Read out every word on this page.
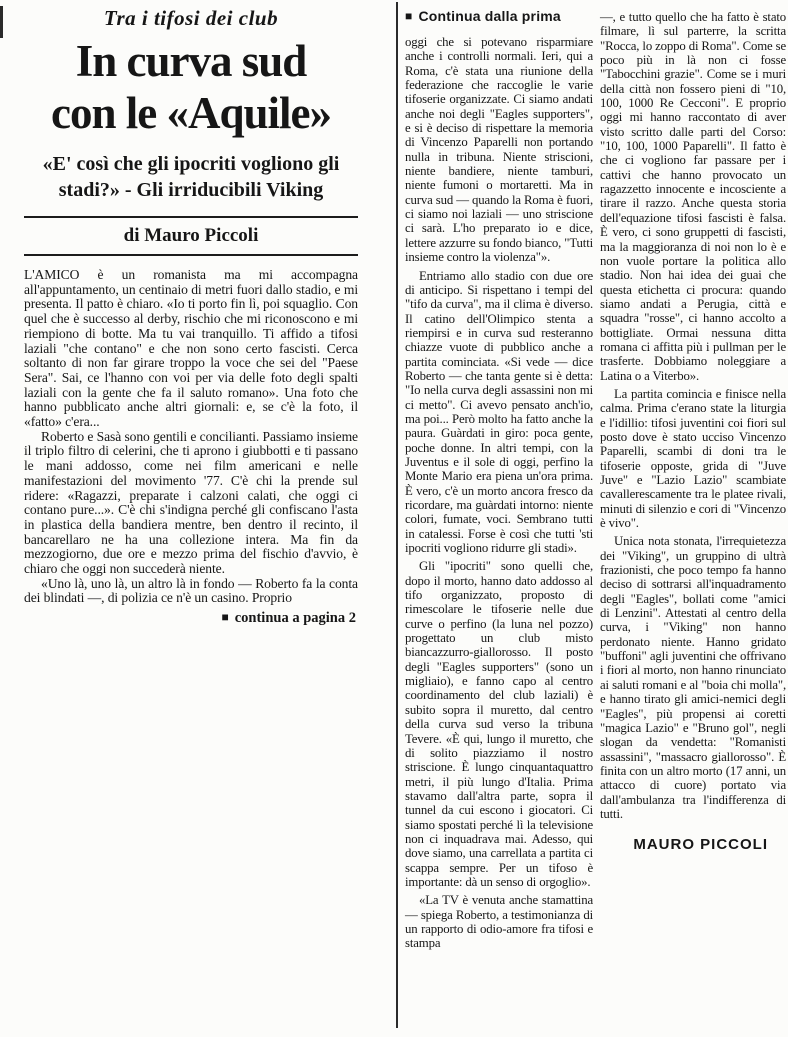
Tra i tifosi dei club
In curva sud
con le «Aquile»
«E' così che gli ipocriti vogliono gli stadi?» - Gli irriducibili Viking
di Mauro Piccoli

L'AMICO è un romanista ma mi accompagna all'appuntamento, un centinaio di metri fuori dallo stadio, e mi presenta. Il patto è chiaro. «Io ti porto fin lì, poi squaglio. Con quel che è successo al derby, rischio che mi riconoscono e mi riempiono di botte. Ma tu vai tranquillo. Ti affido a tifosi laziali "che contano" e che non sono certo fascisti. Cerca soltanto di non far girare troppo la voce che sei del "Paese Sera". Sai, ce l'hanno con voi per via delle foto degli spalti laziali con la gente che fa il saluto romano». Una foto che hanno pubblicato anche altri giornali: e, se c'è la foto, il «fatto» c'era...

Roberto e Sasà sono gentili e concilianti. Passiamo insieme il triplo filtro di celerini, che ti aprono i giubbotti e ti passano le mani addosso, come nei film americani e nelle manifestazioni del movimento '77. C'è chi la prende sul ridere: «Ragazzi, preparate i calzoni calati, che oggi ci contano pure...». C'è chi s'indigna perché gli confiscano l'asta in plastica della bandiera mentre, ben dentro il recinto, il bancarellaro ne ha una collezione intera. Ma fin da mezzogiorno, due ore e mezzo prima del fischio d'avvio, è chiaro che oggi non succederà niente.

«Uno là, uno là, un altro là in fondo — Roberto fa la conta dei blindati —, di polizia ce n'è un casino. Proprio

■ continua a pagina 2
■ Continua dalla prima

oggi che si potevano risparmiare anche i controlli normali. Ieri, qui a Roma, c'è stata una riunione della federazione che raccoglie le varie tifoserie organizzate. Ci siamo andati anche noi degli "Eagles supporters", e si è deciso di rispettare la memoria di Vincenzo Paparelli non portando nulla in tribuna. Niente striscioni, niente bandiere, niente tamburi, niente fumoni o mortaretti. Ma in curva sud — quando la Roma è fuori, ci siamo noi laziali — uno striscione ci sarà. L'ho preparato io e dice, lettere azzurre su fondo bianco, "Tutti insieme contro la violenza"».

Entriamo allo stadio con due ore di anticipo. Si rispettano i tempi del "tifo da curva", ma il clima è diverso. Il catino dell'Olimpico stenta a riempirsi e in curva sud resteranno chiazze vuote di pubblico anche a partita cominciata. «Si vede — dice Roberto — che tanta gente si è detta: "Io nella curva degli assassini non mi ci metto". Ci avevo pensato anch'io, ma poi... Però molto ha fatto anche la paura. Guàrdati in giro: poca gente, poche donne. In altri tempi, con la Juventus e il sole di oggi, perfino la Monte Mario era piena un'ora prima. È vero, c'è un morto ancora fresco da ricordare, ma guàrdati intorno: niente colori, fumate, voci. Sembrano tutti in catalessi. Forse è così che tutti 'sti ipocriti vogliono ridurre gli stadi».

Gli "ipocriti" sono quelli che, dopo il morto, hanno dato addosso al tifo organizzato, proposto di rimescolare le tifoserie nelle due curve o perfino (la luna nel pozzo) progettato un club misto biancazzurro-giallorosso. Il posto degli "Eagles supporters" (sono un migliaio), e fanno capo al centro coordinamento del club laziali) è subito sopra il muretto, dal centro della curva sud verso la tribuna Tevere. «È qui, lungo il muretto, che di solito piazziamo il nostro striscione. È lungo cinquantaquattro metri, il più lungo d'Italia. Prima stavamo dall'altra parte, sopra il tunnel da cui escono i giocatori. Ci siamo spostati perché lì la televisione non ci inquadrava mai. Adesso, qui dove siamo, una carrellata a partita ci scappa sempre. Per un tifoso è importante: dà un senso di orgoglio».

«La TV è venuta anche stamattina — spiega Roberto, a testimonianza di un rapporto di odio-amore fra tifosi e stampa

—, e tutto quello che ha fatto è stato filmare, lì sul parterre, la scritta "Rocca, lo zoppo di Roma". Come se poco più in là non ci fosse "Tabocchini grazie". Come se i muri della città non fossero pieni di "10, 100, 1000 Re Cecconi". E proprio oggi mi hanno raccontato di aver visto scritto dalle parti del Corso: "10, 100, 1000 Paparelli". Il fatto è che ci vogliono far passare per i cattivi che hanno provocato un ragazzetto innocente e incosciente a tirare il razzo. Anche questa storia dell'equazione tifosi fascisti è falsa. È vero, ci sono gruppetti di fascisti, ma la maggioranza di noi non lo è e non vuole portare la politica allo stadio. Non hai idea dei guai che questa etichetta ci procura: quando siamo andati a Perugia, città e squadra "rosse", ci hanno accolto a bottigliate. Ormai nessuna ditta romana ci affitta più i pullman per le trasferte. Dobbiamo noleggiare a Latina o a Viterbo».

La partita comincia e finisce nella calma. Prima c'erano state la liturgia e l'idillio: tifosi juventini coi fiori sul posto dove è stato ucciso Vincenzo Paparelli, scambi di doni tra le tifoserie opposte, grida di "Juve Juve" e "Lazio Lazio" scambiate cavallerescamente tra le platee rivali, minuti di silenzio e cori di "Vincenzo è vivo".

Unica nota stonata, l'irrequietezza dei "Viking", un gruppino di ultrà frazionisti, che poco tempo fa hanno deciso di sottrarsi all'inquadramento degli "Eagles", bollati come "amici di Lenzini". Attestati al centro della curva, i "Viking" non hanno perdonato niente. Hanno gridato "buffoni" agli juventini che offrivano i fiori al morto, non hanno rinunciato ai saluti romani e al "boia chi molla", e hanno tirato gli amici-nemici degli "Eagles", più propensi ai coretti "magica Lazio" e "Bruno gol", negli slogan da vendetta: "Romanisti assassini", "massacro giallorosso". È finita con un altro morto (17 anni, un attacco di cuore) portato via dall'ambulanza tra l'indifferenza di tutti.

MAURO PICCOLI
